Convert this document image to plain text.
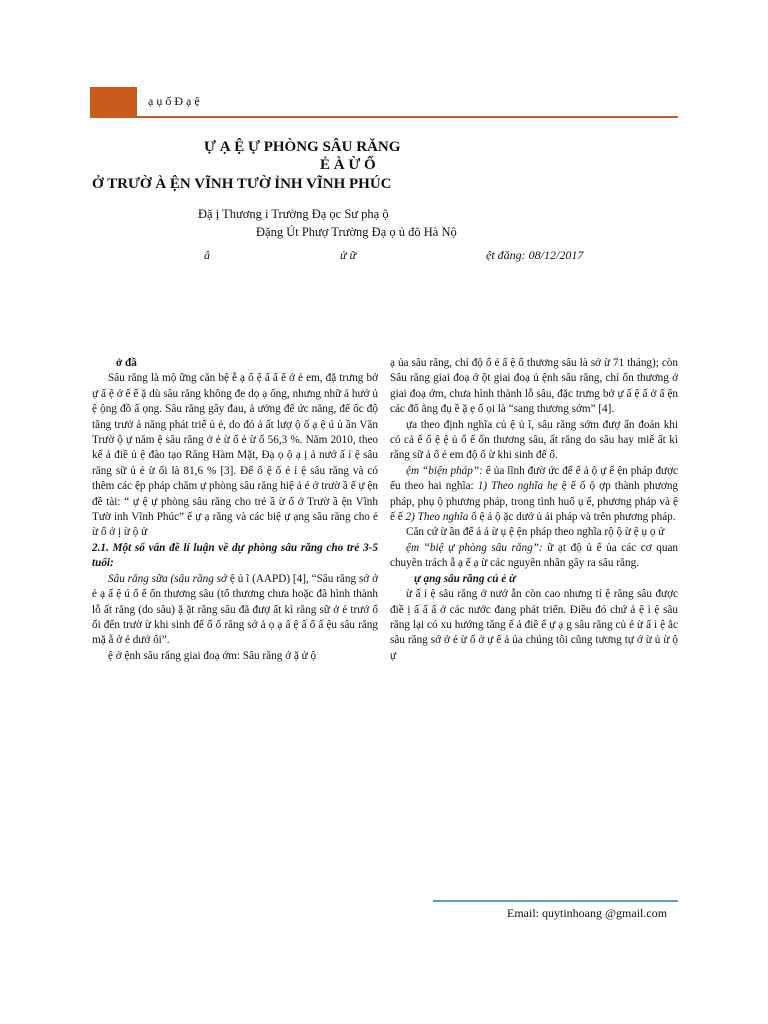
ạ ụ ố Đ ạ ệ
Ự Ạ Ệ Ự PHÒNG SÂU RĂNG
Ẻ À Ừ Ổ
Ở TRƯỜ À ỆN VĨNH TƯỜ ỈNH VĨNH PHÚC
Đặ ị Thương i Trường Đạ ọc Sư phạ ộ
Đặng Út Phượ Trường Đạ ọ ủ đô Hà Nộ
â	ử ữ	ệt đăng: 08/12/2017

ở đầ

Sâu răng là mộ ững căn bệ ễ ạ ổ ệ ấ ấ ế ở ẻ em, đặ trưng bở ự ấ ệ ở ế ế ặ dù sâu răng không đe dọ ạ ống, nhưng nhữ ả hưở ủ ệ ộng đồ ấ ọng. Sâu răng gây đau, ả ưởng đế ức năng, đế ốc độ tăng trưở ả năng phát triể ủ ẻ, do đó ả ất lượ ộ ố ạ ệ ú ủ ần Văn Trườ ộ ự năm ệ sâu răng ở ẻ ừ ổ ẻ ừ ổ 56,3 %. Năm 2010, theo kế ả điề ủ ệ đào tạo Răng Hàm Mặt, Đạ ọ ộ ạ ị ả nướ ấ ỉ ệ sâu răng sữ ủ ẻ ừ ổi là 81,6 % [3]. Để ố ệ ố ẻ ỉ ệ sâu răng và có thêm các ệp pháp chăm ự phòng sâu răng hiệ ả ẻ ở trườ ầ ế ự ện đề tài: “ ự ệ ự phòng sâu răng cho trẻ ầ ừ ổ ở Trườ ầ ện Vĩnh Tườ ỉnh Vĩnh Phúc” ế ự ạ răng và các biệ ự ạng sâu răng cho ẻ ừ ổ ở ị ừ ộ ử

2.1. Một số vấn đề lí luận về dự phòng sâu răng cho trẻ 3-5 tuổi:

Sâu răng sữa (sâu răng sớ ệ ủ ĩ (AAPD) [4], “Sâu răng sớ ở ẻ ạ ấ ệ ú ổ ế ổn thương sâu (tổ thương chưa hoặc đã hình thành lỗ ất răng (do sâu) ặ ặt răng sâu đã đượ ất kì răng sữ ở ẻ trướ ổ ổi đến trườ ừ khi sinh đế ổ ổ răng sớ ả ọ ạ ấ ệ ấ ổ ấ ệu sâu răng mặ ẵ ở ẻ dướ ổi”.

ệ ở ệnh sâu răng giai đoạ ớm: Sâu răng ớ ặ ử ộ

ạ ủa sâu răng, chỉ độ ổ ẻ ấ ệ ổ thương sâu là sớ ừ 71 tháng); còn Sâu răng giai đoạ ớ ột giai đoạ ủ ệnh sâu răng, chỉ ổn thương ở giai đoạ ớm, chưa hình thành lỗ sâu, đặc trưng bở ự ấ ệ ấ ở ấ ện các đố ằng đụ ề ặ ẹ ố ọi là “sang thương sớm” [4].

ựa theo định nghĩa củ ệ ủ ĩ, sâu răng sớm đượ ẩn đoán khi có cả ế ổ ệ ệ ủ ổ ế ổn thương sâu, ất răng do sâu hay miế ất kì răng sữ ả ổ ẻ em độ ổ ừ khi sinh đế ổ.

ệm “biện pháp”: ế ủa lĩnh đườ ức để ế ả ộ ự ế ện pháp được ểu theo hai nghĩa: 1) Theo nghĩa hẹ ệ ế ố ộ ợp thành phương pháp, phụ ộ phương pháp, trong tình huố ụ ể, phương pháp và ệ ế ế 2) Theo nghĩa ổ ệ ả ộ ặc dướ ủ ải pháp và trên phương pháp.

Căn cứ ừ ần để ả ả ừ ụ ệ ện pháp theo nghĩa rộ ộ ừ ệ ụ ọ ử

ệm “biệ ự phòng sâu răng”: ữ ạt độ ủ ế ủa các cơ quan chuyên trách ẫ ạ ế ạ ừ các nguyên nhân gây ra sâu răng.

ự ạng sâu răng củ ẻ ừ

ừ ấ ỉ ệ sâu răng ở nướ ẫn còn cao nhưng tỉ ệ răng sâu được điề ị ấ ấ ấ ở các nước đang phát triển. Điều đó chứ ả ệ ỉ ệ sâu răng lại có xu hướng tăng ế ả điề ế ự ạ g sâu răng củ ẻ ừ ấ ỉ ệ ắc sâu răng sớ ở ẻ ừ ổ ở ự ế ả ủa chúng tôi cũng tương tự ớ ừ ủ ừ ộ ự

Email: quytinhoang @gmail.com
